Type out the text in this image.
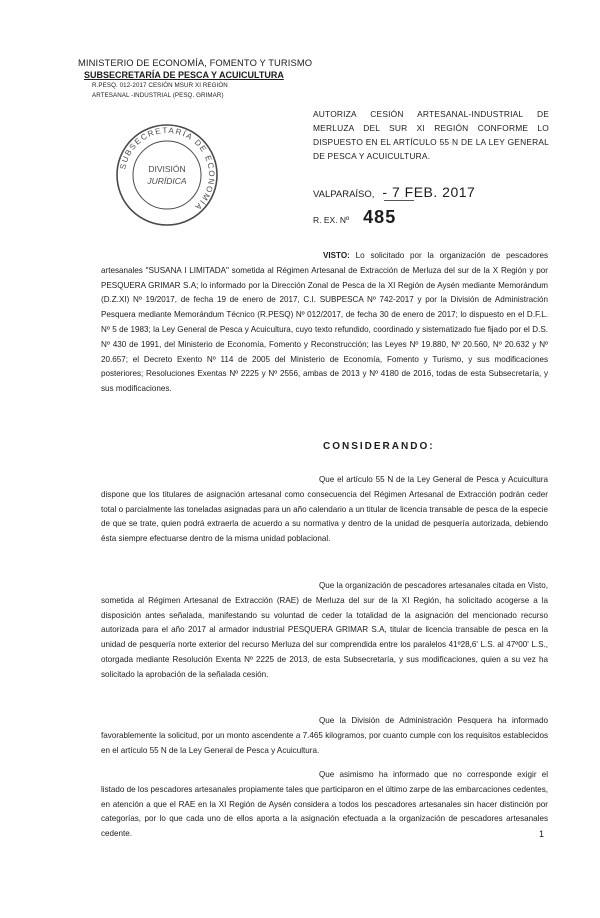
MINISTERIO DE ECONOMÍA, FOMENTO Y TURISMO
SUBSECRETARÍA DE PESCA Y ACUICULTURA
R.PESQ. 012-2017 CESIÓN MSUR XI REGIÓN
ARTESANAL -INDUSTRIAL (PESQ. GRIMAR)
SUBSECRETARÍA DE ECONOMÍA
DIVISIÓN
JURÍDICA
AUTORIZA CESIÓN ARTESANAL-INDUSTRIAL DE MERLUZA DEL SUR XI REGIÓN CONFORME LO DISPUESTO EN EL ARTÍCULO 55 N DE LA LEY GENERAL DE PESCA Y ACUICULTURA.
VALPARAÍSO, - 7 FEB. 2017
R. EX. Nº 485
VISTO: Lo solicitado por la organización de pescadores artesanales "SUSANA I LIMITADA" sometida al Régimen Artesanal de Extracción de Merluza del sur de la X Región y por PESQUERA GRIMAR S.A; lo informado por la Dirección Zonal de Pesca de la XI Región de Aysén mediante Memorándum (D.Z.XI) Nº 19/2017, de fecha 19 de enero de 2017, C.I. SUBPESCA Nº 742-2017 y por la División de Administración Pesquera mediante Memorándum Técnico (R.PESQ) Nº 012/2017, de fecha 30 de enero de 2017; lo dispuesto en el D.F.L. Nº 5 de 1983; la Ley General de Pesca y Acuicultura, cuyo texto refundido, coordinado y sistematizado fue fijado por el D.S. Nº 430 de 1991, del Ministerio de Economía, Fomento y Reconstrucción; las Leyes Nº 19.880, Nº 20.560, Nº 20.632 y Nº 20.657; el Decreto Exento Nº 114 de 2005 del Ministerio de Economía, Fomento y Turismo, y sus modificaciones posteriores; Resoluciones Exentas Nº 2225 y Nº 2556, ambas de 2013 y Nº 4180 de 2016, todas de esta Subsecretaría, y sus modificaciones.
CONSIDERANDO:
Que el artículo 55 N de la Ley General de Pesca y Acuicultura dispone que los titulares de asignación artesanal como consecuencia del Régimen Artesanal de Extracción podrán ceder total o parcialmente las toneladas asignadas para un año calendario a un titular de licencia transable de pesca de la especie de que se trate, quien podrá extraerla de acuerdo a su normativa y dentro de la unidad de pesquería autorizada, debiendo ésta siempre efectuarse dentro de la misma unidad poblacional.
Que la organización de pescadores artesanales citada en Visto, sometida al Régimen Artesanal de Extracción (RAE) de Merluza del sur de la XI Región, ha solicitado acogerse a la disposición antes señalada, manifestando su voluntad de ceder la totalidad de la asignación del mencionado recurso autorizada para el año 2017 al armador industrial PESQUERA GRIMAR S.A, titular de licencia transable de pesca en la unidad de pesquería norte exterior del recurso Merluza del sur comprendida entre los paralelos 41º28,6' L.S. al 47º00' L.S., otorgada mediante Resolución Exenta Nº 2225 de 2013, de esta Subsecretaría, y sus modificaciones, quien a su vez ha solicitado la aprobación de la señalada cesión.
Que la División de Administración Pesquera ha informado favorablemente la solicitud, por un monto ascendente a 7.465 kilogramos, por cuanto cumple con los requisitos establecidos en el artículo 55 N de la Ley General de Pesca y Acuicultura.
Que asimismo ha informado que no corresponde exigir el listado de los pescadores artesanales propiamente tales que participaron en el último zarpe de las embarcaciones cedentes, en atención a que el RAE en la XI Región de Aysén considera a todos los pescadores artesanales sin hacer distinción por categorías, por lo que cada uno de ellos aporta a la asignación efectuada a la organización de pescadores artesanales cedente.	1
